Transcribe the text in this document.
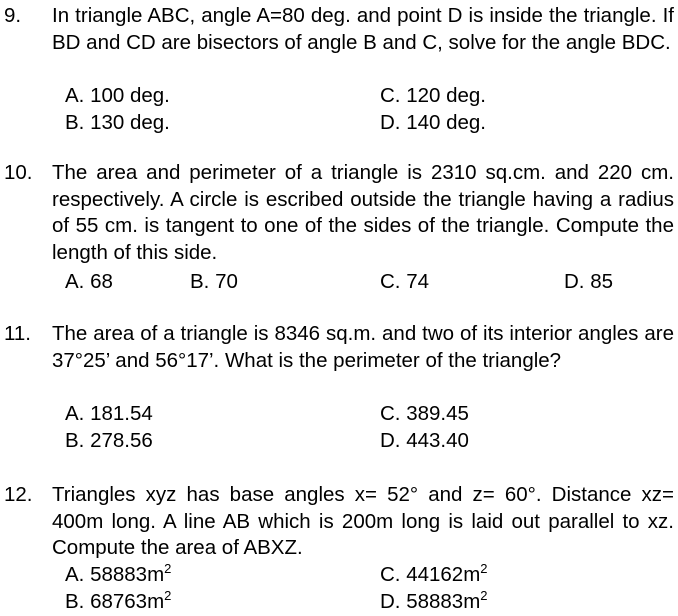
9. In triangle ABC, angle A=80 deg. and point D is inside the triangle. If BD and CD are bisectors of angle B and C, solve for the angle BDC.
A. 100 deg.	C. 120 deg.
B. 130 deg.	D. 140 deg.
10. The area and perimeter of a triangle is 2310 sq.cm. and 220 cm. respectively. A circle is escribed outside the triangle having a radius of 55 cm. is tangent to one of the sides of the triangle. Compute the length of this side.
A. 68	B. 70	C. 74	D. 85
11. The area of a triangle is 8346 sq.m. and two of its interior angles are 37°25’ and 56°17’. What is the perimeter of the triangle?
A. 181.54	C. 389.45
B. 278.56	D. 443.40
12. Triangles xyz has base angles x= 52° and z= 60°. Distance xz= 400m long. A line AB which is 200m long is laid out parallel to xz. Compute the area of ABXZ.
A. $58883m^2$	C. $44162m^2$
B. $68763m^2$	D. $58883m^2$
